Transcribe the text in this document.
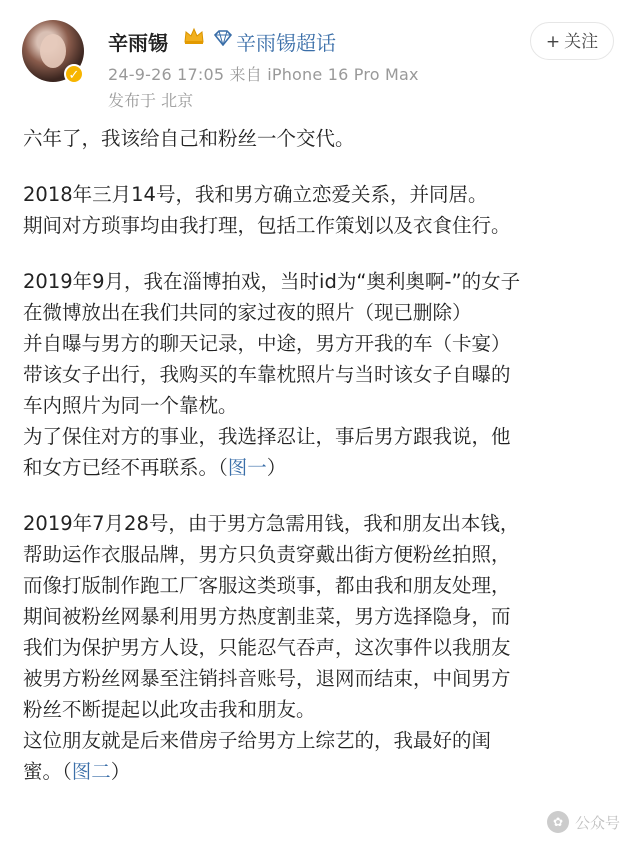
✓
辛雨锡	辛雨锡超话
24-9-26 17:05 来自 iPhone 16 Pro Max
发布于 北京
+ 关注
六年了，我该给自己和粉丝一个交代。
2018年三月14号，我和男方确立恋爱关系，并同居。
期间对方琐事均由我打理，包括工作策划以及衣食住行。
2019年9月，我在淄博拍戏，当时id为“奥利奥啊-”的女子
在微博放出在我们共同的家过夜的照片（现已删除）
并自曝与男方的聊天记录，中途，男方开我的车（卡宴）
带该女子出行，我购买的车靠枕照片与当时该女子自曝的
车内照片为同一个靠枕。
为了保住对方的事业，我选择忍让，事后男方跟我说，他
和女方已经不再联系。（图一）
2019年7月28号，由于男方急需用钱，我和朋友出本钱，
帮助运作衣服品牌，男方只负责穿戴出街方便粉丝拍照，
而像打版制作跑工厂客服这类琐事，都由我和朋友处理，
期间被粉丝网暴利用男方热度割韭菜，男方选择隐身，而
我们为保护男方人设，只能忍气吞声，这次事件以我朋友
被男方粉丝网暴至注销抖音账号，退网而结束，中间男方
粉丝不断提起以此攻击我和朋友。
这位朋友就是后来借房子给男方上综艺的，我最好的闺
蜜。（图二）
✿ 公众号
